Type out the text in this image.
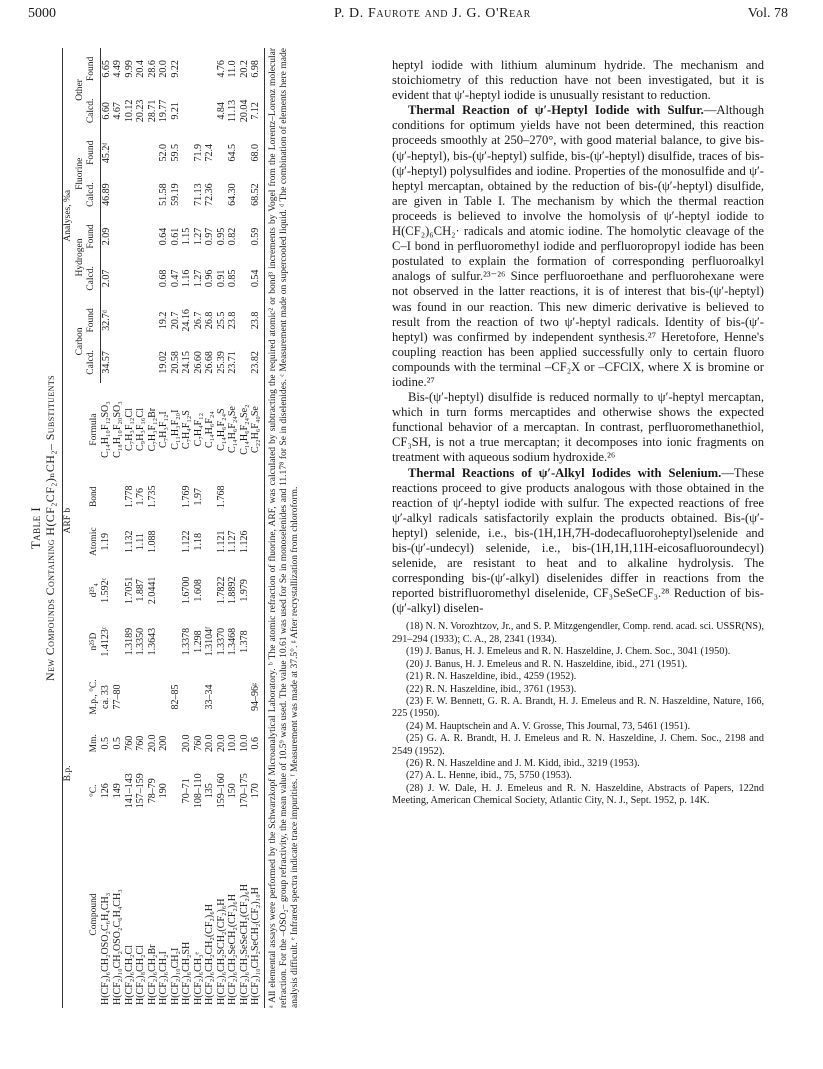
5000	P. D. Faurote and J. G. O'Rear	Vol. 78
Table I New Compounds Containing H(CF₂CF₂)ₙCH₂– Substituents
Compound	B.p.		M.p., °C.	n²⁵D	d²⁵₄	ARF b		Formula	Analyses, %a							
	°C.	Mm.				Atomic	Bond		Carbon		Hydrogen		Fluorine		Other	
									Calcd.	Found	Calcd.	Found	Calcd.	Found	Calcd.	Found
H(CF₂)₆CH₂OSO₂C₆H₄CH₃	126	0.5	ca. 33	1.4123ᶜ	1.592ᶜ	1.19		C₁₄H₁₀F₁₂SO₃	34.57	32.7ᵈ	2.07	2.09	46.89	45.2ᵈ	6.60	6.65
H(CF₂)₁₀CH₂OSO₂C₆H₄CH₃	149	0.5	77–80					C₁₈H₁₀F₂₀SO₃							4.67	4.49
H(CF₂)₆CH₂Cl	141–143	760		1.3189	1.7051	1.132	1.778	C₇H₃F₁₂Cl							10.12	9.99
H(CF₂)₈CH₂Cl	157–159	760		1.3350	1.887	1.11	1.76	C₉H₃F₁₆Cl							20.23	20.4
H(CF₂)₆CH₂Br	78–79	20.0		1.3643	2.0441	1.088	1.735	C₇H₃F₁₂Br							28.71	28.6
H(CF₂)₆CH₂I	190	200						C₇H₃F₁₂I	19.02	19.2	0.68	0.64	51.58	52.0	19.77	20.0
H(CF₂)₁₀CH₂I			82–85					C₁₁H₃F₂₀I	20.58	20.7	0.47	0.61	59.19	59.5	9.21	9.22
H(CF₂)₆CH₂SH	70–71	20.0		1.3378	1.6700	1.122	1.769	C₇H₄F₁₂S	24.15	24.16	1.16	1.15				
H(CF₂)₆CH₃ᵉ	108–110	760		1.298	1.608	1.18	1.97	C₇H₄F₁₂	26.60	26.7	1.27	1.27	71.13	71.9		
H(CF₂)₆CH₂CH₂(CF₂)₆H	135	20.0	33–34	1.3104ᶠ				C₁₄H₆F₂₄	26.68	26.8	0.96	0.97	72.36	72.4		
H(CF₂)₆CH₂SCH₂(CF₂)₆H	159–160	20.0		1.3370	1.7822	1.121	1.768	C₁₄H₆F₂₄S	25.39	25.5	0.91	0.95			4.84	4.76
H(CF₂)₆CH₂SeCH₂(CF₂)₆H	150	10.0		1.3468	1.8892	1.127		C₁₄H₆F₂₄Se	23.71	23.8	0.85	0.82	64.30	64.5	11.13	11.0
H(CF₂)₆CH₂SeSeCH₂(CF₂)₆H	170–175	10.0		1.378	1.979	1.126		C₁₄H₆F₂₄Se₂							20.04	20.2
H(CF₂)₁₀CH₂SeCH₂(CF₂)₁₀H	170	0.6	94–96ᵍ					C₂₂H₆F₄₀Se	23.82	23.8	0.54	0.59	68.52	68.0	7.12	6.98 ᵃ All elemental assays were performed by the Schwarzkopf Microanalytical Laboratory. ᵇ The atomic refraction of fluorine, ARF, was calculated by subtracting the required atomic² or bond³ increments by Vogel from the Lorentz–Lorenz molecular refraction. For the –OSO₂– group refractivity, the mean value of 10.5⁹ was used. The value 10.61 was used for Se in monoselenides and 11.17⁸ for Se in diselenides. ᶜ Measurement made on supercooled liquid. ᵈ The combination of elements here made analysis difficult. ᵉ Infrared spectra indicate trace impurities. ᶠ Measurement was made at 37.5°. ᵍ After recrystallization from chloroform.

heptyl iodide with lithium aluminum hydride. The mechanism and stoichiometry of this reduction have not been investigated, but it is evident that ψ′-heptyl iodide is unusually resistant to reduction.

Thermal Reaction of ψ′-Heptyl Iodide with Sulfur.—Although conditions for optimum yields have not been determined, this reaction proceeds smoothly at 250–270°, with good material balance, to give bis-(ψ′-heptyl), bis-(ψ′-heptyl) sulfide, bis-(ψ′-heptyl) disulfide, traces of bis-(ψ′-heptyl) polysulfides and iodine. Properties of the monosulfide and ψ′-heptyl mercaptan, obtained by the reduction of bis-(ψ′-heptyl) disulfide, are given in Table I. The mechanism by which the thermal reaction proceeds is believed to involve the homolysis of ψ′-heptyl iodide to H(CF₂)₆CH₂· radicals and atomic iodine. The homolytic cleavage of the C–I bond in perfluoromethyl iodide and perfluoropropyl iodide has been postulated to explain the formation of corresponding perfluoroalkyl analogs of sulfur.²³⁻²⁶ Since perfluoroethane and perfluorohexane were not observed in the latter reactions, it is of interest that bis-(ψ′-heptyl) was found in our reaction. This new dimeric derivative is believed to result from the reaction of two ψ′-heptyl radicals. Identity of bis-(ψ′-heptyl) was confirmed by independent synthesis.²⁷ Heretofore, Henne's coupling reaction has been applied successfully only to certain fluoro compounds with the terminal –CF₂X or –CFClX, where X is bromine or iodine.²⁷

Bis-(ψ′-heptyl) disulfide is reduced normally to ψ′-heptyl mercaptan, which in turn forms mercaptides and otherwise shows the expected functional behavior of a mercaptan. In contrast, perfluoromethanethiol, CF₃SH, is not a true mercaptan; it decomposes into ionic fragments on treatment with aqueous sodium hydroxide.²⁶

Thermal Reactions of ψ′-Alkyl Iodides with Selenium.—These reactions proceed to give products analogous with those obtained in the reaction of ψ′-heptyl iodide with sulfur. The expected reactions of free ψ′-alkyl radicals satisfactorily explain the products obtained. Bis-(ψ′-heptyl) selenide, i.e., bis-(1H,1H,7H-dodecafluoroheptyl)selenide and bis-(ψ′-undecyl) selenide, i.e., bis-(1H,1H,11H-eicosafluoroundecyl) selenide, are resistant to heat and to alkaline hydrolysis. The corresponding bis-(ψ′-alkyl) diselenides differ in reactions from the reported bistrifluoromethyl diselenide, CF₃SeSeCF₃.²⁸ Reduction of bis-(ψ′-alkyl) diselen-

(18) N. N. Vorozhtzov, Jr., and S. P. Mitzgengendler, Comp. rend. acad. sci. USSR(NS), 291–294 (1933); C. A., 28, 2341 (1934).
(19) J. Banus, H. J. Emeleus and R. N. Haszeldine, J. Chem. Soc., 3041 (1950).
(20) J. Banus, H. J. Emeleus and R. N. Haszeldine, ibid., 271 (1951).
(21) R. N. Haszeldine, ibid., 4259 (1952).
(22) R. N. Haszeldine, ibid., 3761 (1953).
(23) F. W. Bennett, G. R. A. Brandt, H. J. Emeleus and R. N. Haszeldine, Nature, 166, 225 (1950).
(24) M. Hauptschein and A. V. Grosse, This Journal, 73, 5461 (1951).
(25) G. A. R. Brandt, H. J. Emeleus and R. N. Haszeldine, J. Chem. Soc., 2198 and 2549 (1952).
(26) R. N. Haszeldine and J. M. Kidd, ibid., 3219 (1953).
(27) A. L. Henne, ibid., 75, 5750 (1953).
(28) J. W. Dale, H. J. Emeleus and R. N. Haszeldine, Abstracts of Papers, 122nd Meeting, American Chemical Society, Atlantic City, N. J., Sept. 1952, p. 14K.
